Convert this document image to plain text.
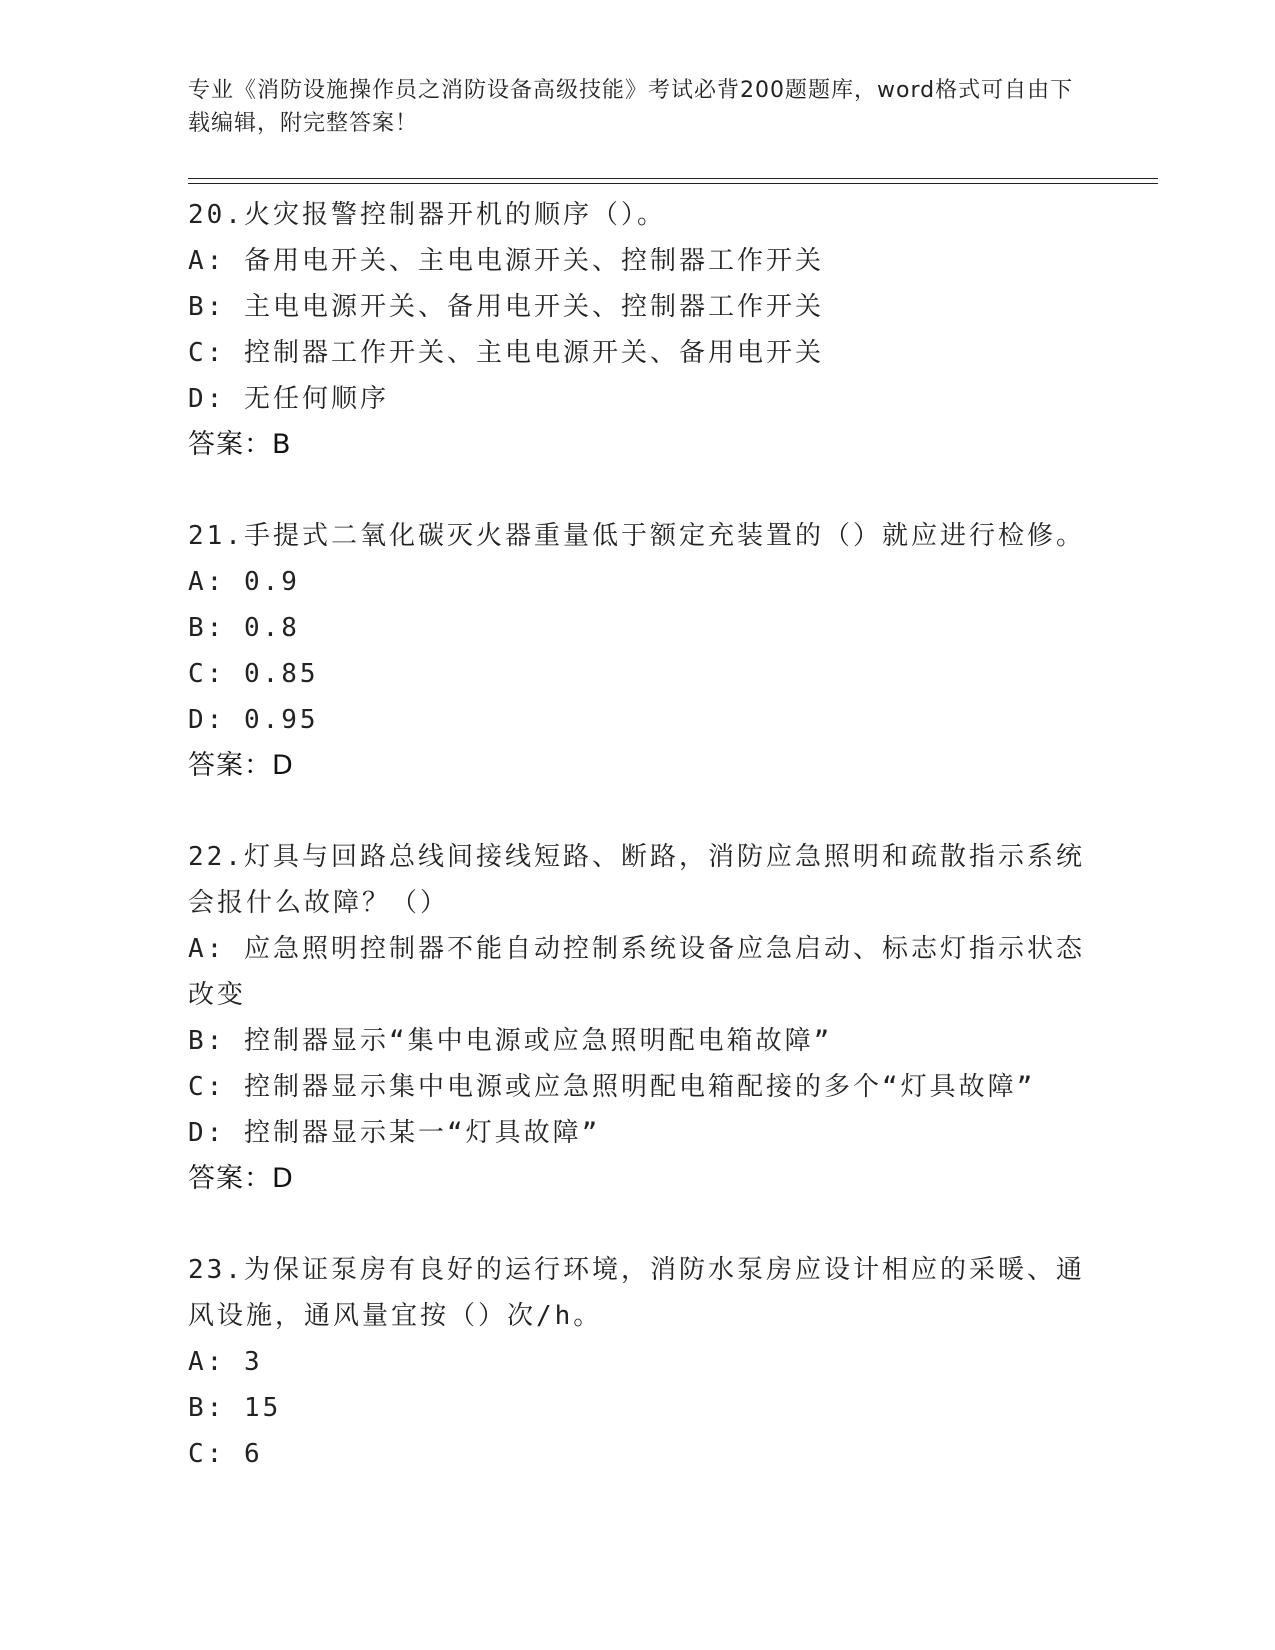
专业《消防设施操作员之消防设备高级技能》考试必背200题题库，word格式可自由下载编辑，附完整答案！
20.火灾报警控制器开机的顺序（）。
A: 备用电开关、主电电源开关、控制器工作开关
B: 主电电源开关、备用电开关、控制器工作开关
C: 控制器工作开关、主电电源开关、备用电开关
D: 无任何顺序
答案：B
21.手提式二氧化碳灭火器重量低于额定充装置的（）就应进行检修。
A: 0.9
B: 0.8
C: 0.85
D: 0.95
答案：D
22.灯具与回路总线间接线短路、断路，消防应急照明和疏散指示系统会报什么故障？（）
A: 应急照明控制器不能自动控制系统设备应急启动、标志灯指示状态改变
B: 控制器显示“集中电源或应急照明配电箱故障”
C: 控制器显示集中电源或应急照明配电箱配接的多个“灯具故障”
D: 控制器显示某一“灯具故障”
答案：D
23.为保证泵房有良好的运行环境，消防水泵房应设计相应的采暖、通风设施，通风量宜按（）次/h。
A: 3
B: 15
C: 6
